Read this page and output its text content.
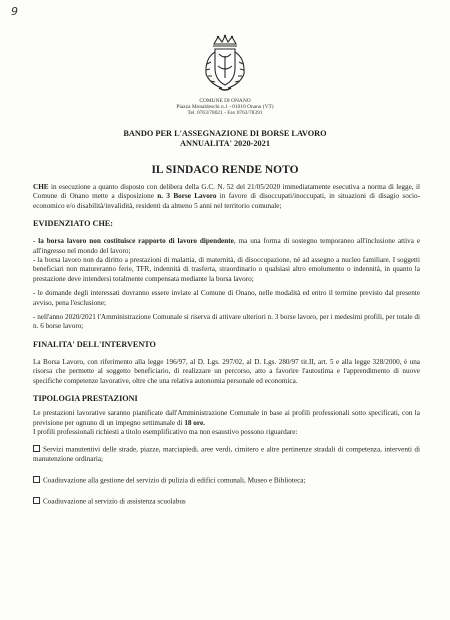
9
COMUNE DI ONANO
Piazza Monaldeschi n.1 - 01010 Onano (VT)
Tel. 0763/78021 - Fax 0763/78391
BANDO PER L'ASSEGNAZIONE DI BORSE LAVORO
ANNUALITA' 2020-2021
IL SINDACO RENDE NOTO

CHE in esecuzione a quanto disposto con delibera della G.C. N. 52 del 21/05/2020 immediatamente esecutiva a norma di legge, il Comune di Onano mette a disposizione n. 3 Borse Lavoro in favore di disoccupati/inoccupati, in situazioni di disagio socio-economico e/o disabilità/invalidità, residenti da almeno 5 anni nel territorio comunale;

EVIDENZIATO CHE:

- la borsa lavoro non costituisce rapporto di lavoro dipendente, ma una forma di sostegno temporaneo all'inclusione attiva e all'ingresso nel mondo del lavoro;

- la borsa lavoro non da diritto a prestazioni di malattia, di maternità, di disoccupazione, né ad assegno a nucleo familiare. I soggetti beneficiari non matureranno ferie, TFR, indennità di trasferta, straordinario o qualsiasi altro emolumento o indennità, in quanto la prestazione deve intendersi totalmente compensata mediante la borsa lavoro;

- le domande degli interessati dovranno essere inviate al Comune di Onano, nelle modalità ed entro il termine previsto dal presente avviso, pena l'esclusione;

- nell'anno 2020/2021 l'Amministrazione Comunale si riserva di attivare ulteriori n. 3 borse lavoro, per i medesimi profili, per totale di n. 6 borse lavoro;

FINALITA' DELL'INTERVENTO

La Borsa Lavoro, con riferimento alla legge 196/97, al D. Lgs. 297/02, al D. Lgs. 280/97 tit.II, art. 5 e alla legge 328/2000, è una risorsa che permette al soggetto beneficiario, di realizzare un percorso, atto a favorire l'autostima e l'apprendimento di nuove specifiche competenze lavorative, oltre che una relativa autonomia personale ed economica.

TIPOLOGIA PRESTAZIONI

Le prestazioni lavorative saranno pianificate dall'Amministrazione Comunale in base ai profili professionali sotto specificati, con la previsione per ognuno di un impegno settimanale di 18 ore.
I profili professionali richiesti a titolo esemplificativo ma non esaustivo possono riguardare:

Servizi manutentivi delle strade, piazze, marciapiedi, aree verdi, cimitero e altre pertinenze stradali di competenza, interventi di manutenzione ordinaria;

Coadiuvazione alla gestione del servizio di pulizia di edifici comunali, Museo e Biblioteca;

Coadiuvazione al servizio di assistenza scuolabus
